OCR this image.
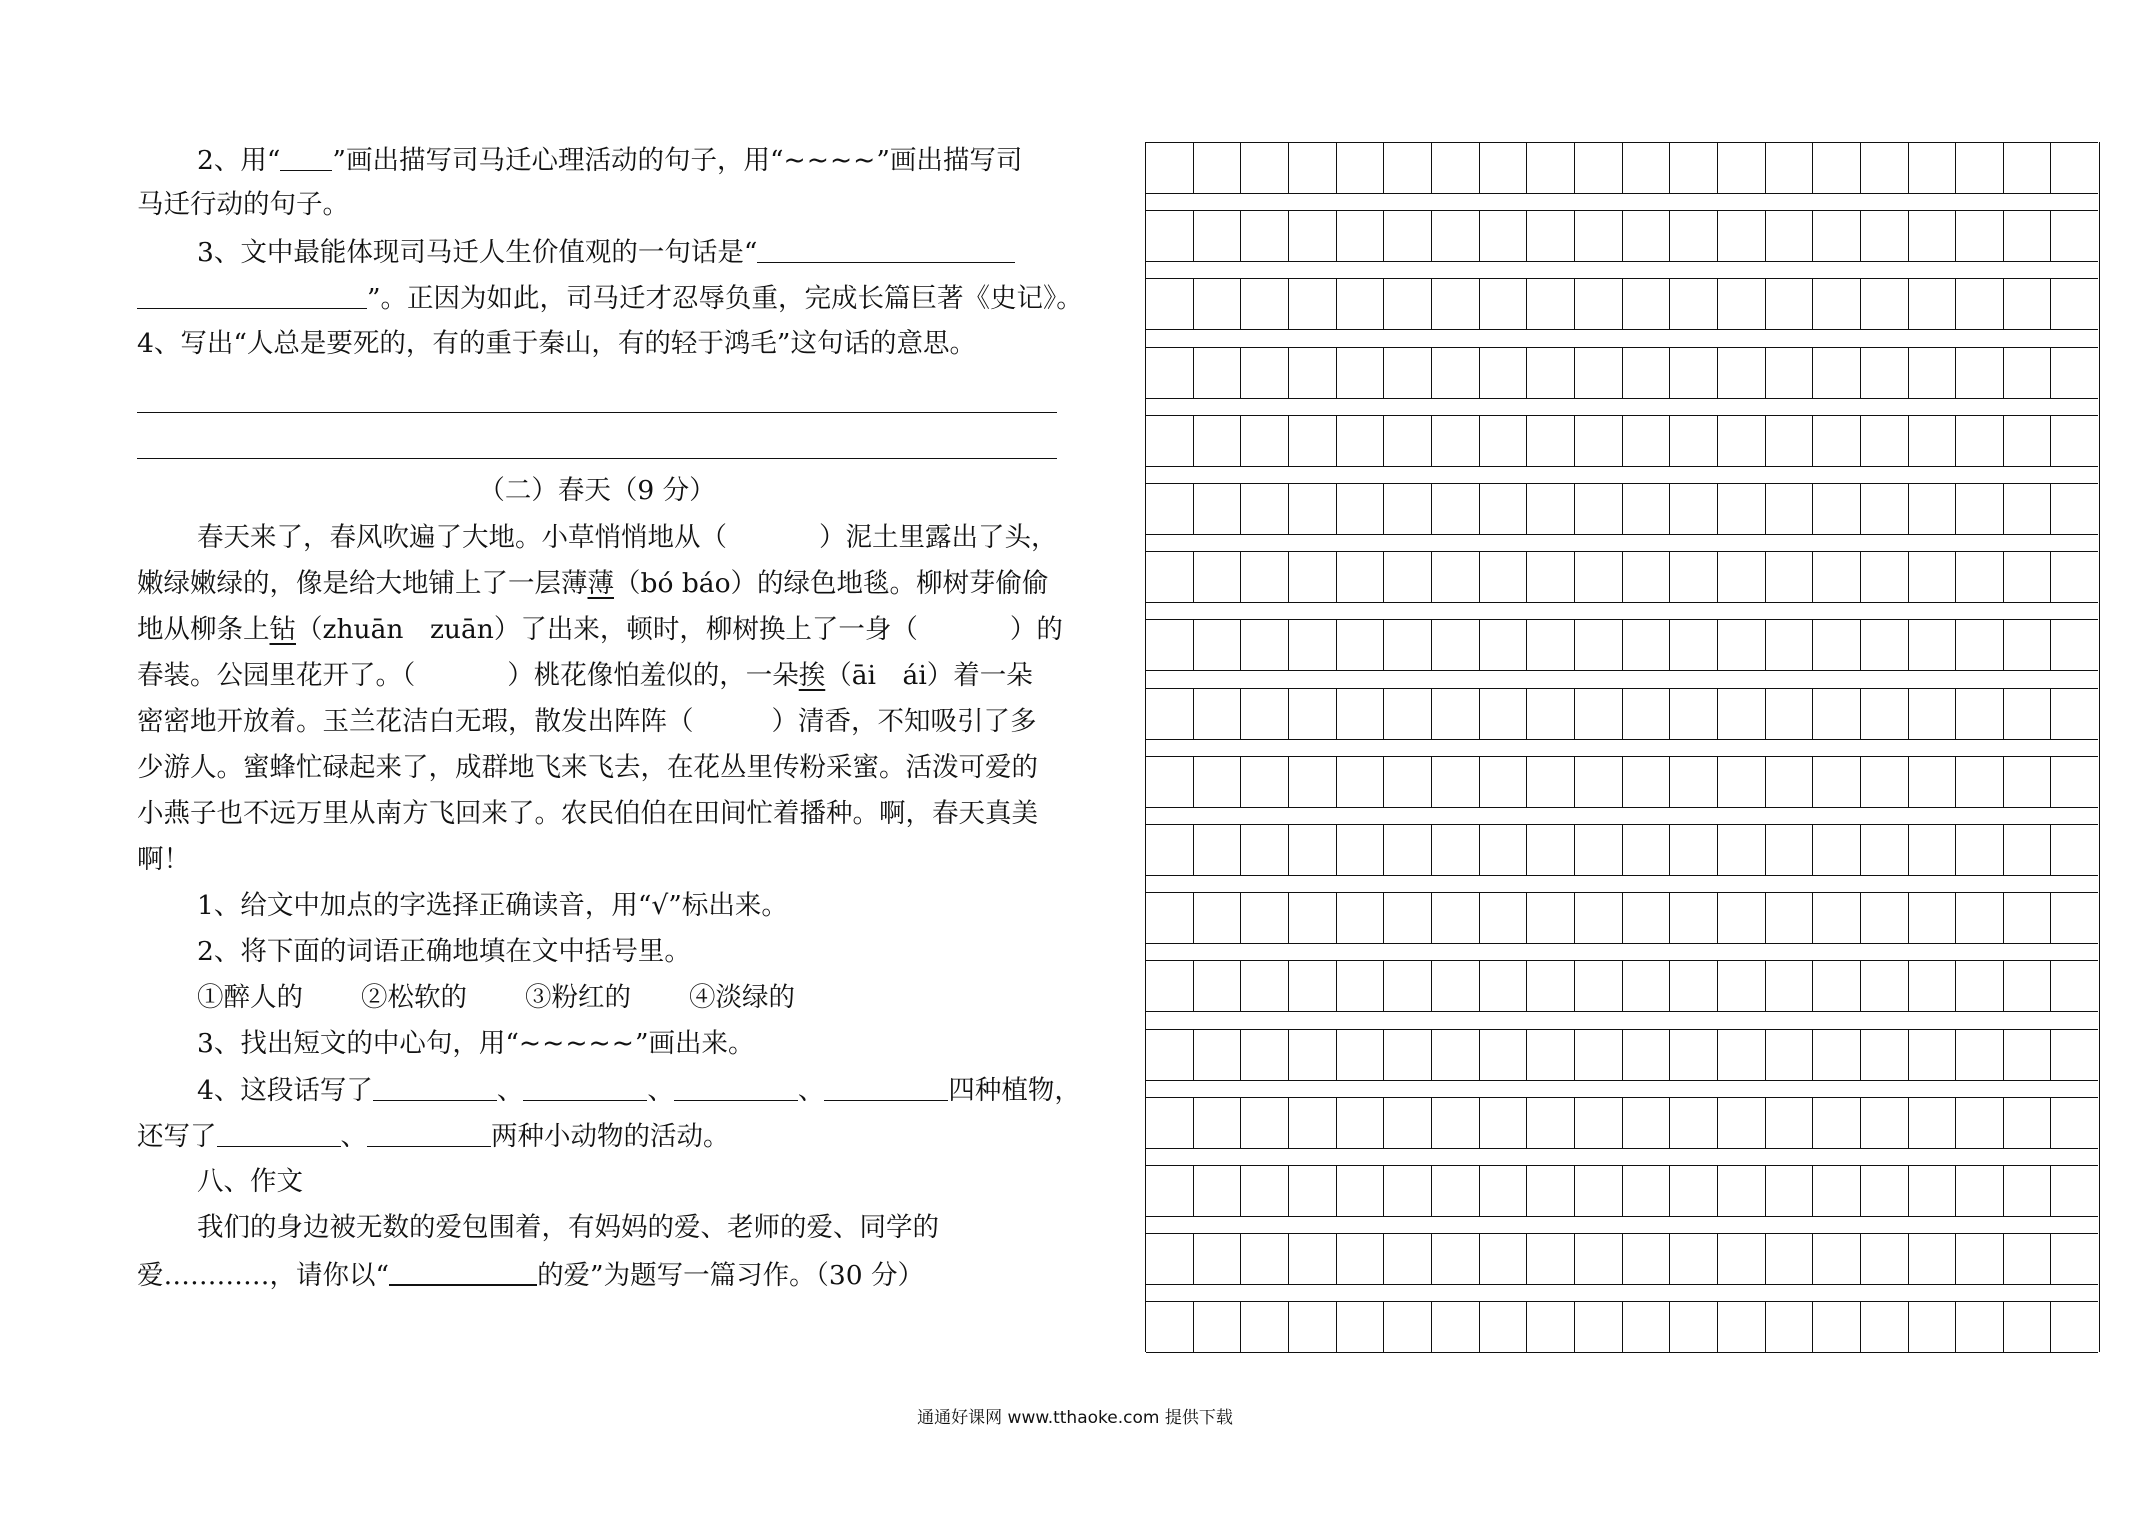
2、用“ ”画出描写司马迁心理活动的句子，用“~~~~”画出描写司
马迁行动的句子。
3、文中最能体现司马迁人生价值观的一句话是“
”。正因为如此，司马迁才忍辱负重，完成长篇巨著《史记》。
4、写出“人总是要死的，有的重于秦山，有的轻于鸿毛”这句话的意思。
（二）春天（9 分）
春天来了，春风吹遍了大地。小草悄悄地从（	）泥土里露出了头，
嫩绿嫩绿的，像是给大地铺上了一层薄薄（bó báo）的绿色地毯。柳树芽偷偷
地从柳条上钻（zhuān　zuān）了出来，顿时，柳树换上了一身（	）的
春装。公园里花开了。（	）桃花像怕羞似的，一朵挨（āi　ái）着一朵
密密地开放着。玉兰花洁白无瑕，散发出阵阵（	）清香，不知吸引了多
少游人。蜜蜂忙碌起来了，成群地飞来飞去，在花丛里传粉采蜜。活泼可爱的
小燕子也不远万里从南方飞回来了。农民伯伯在田间忙着播种。啊，春天真美
啊！
1、给文中加点的字选择正确读音，用“√”标出来。
2、将下面的词语正确地填在文中括号里。
①醉人的 ②松软的 ③粉红的 ④淡绿的
3、找出短文的中心句，用“~~~~~”画出来。
4、这段话写了	、	、	、	四种植物，
还写了	、	两种小动物的活动。
八、作文
我们的身边被无数的爱包围着，有妈妈的爱、老师的爱、同学的
爱…………，请你以“	的爱”为题写一篇习作。（30 分）
通通好课网 www.tthaoke.com 提供下载
